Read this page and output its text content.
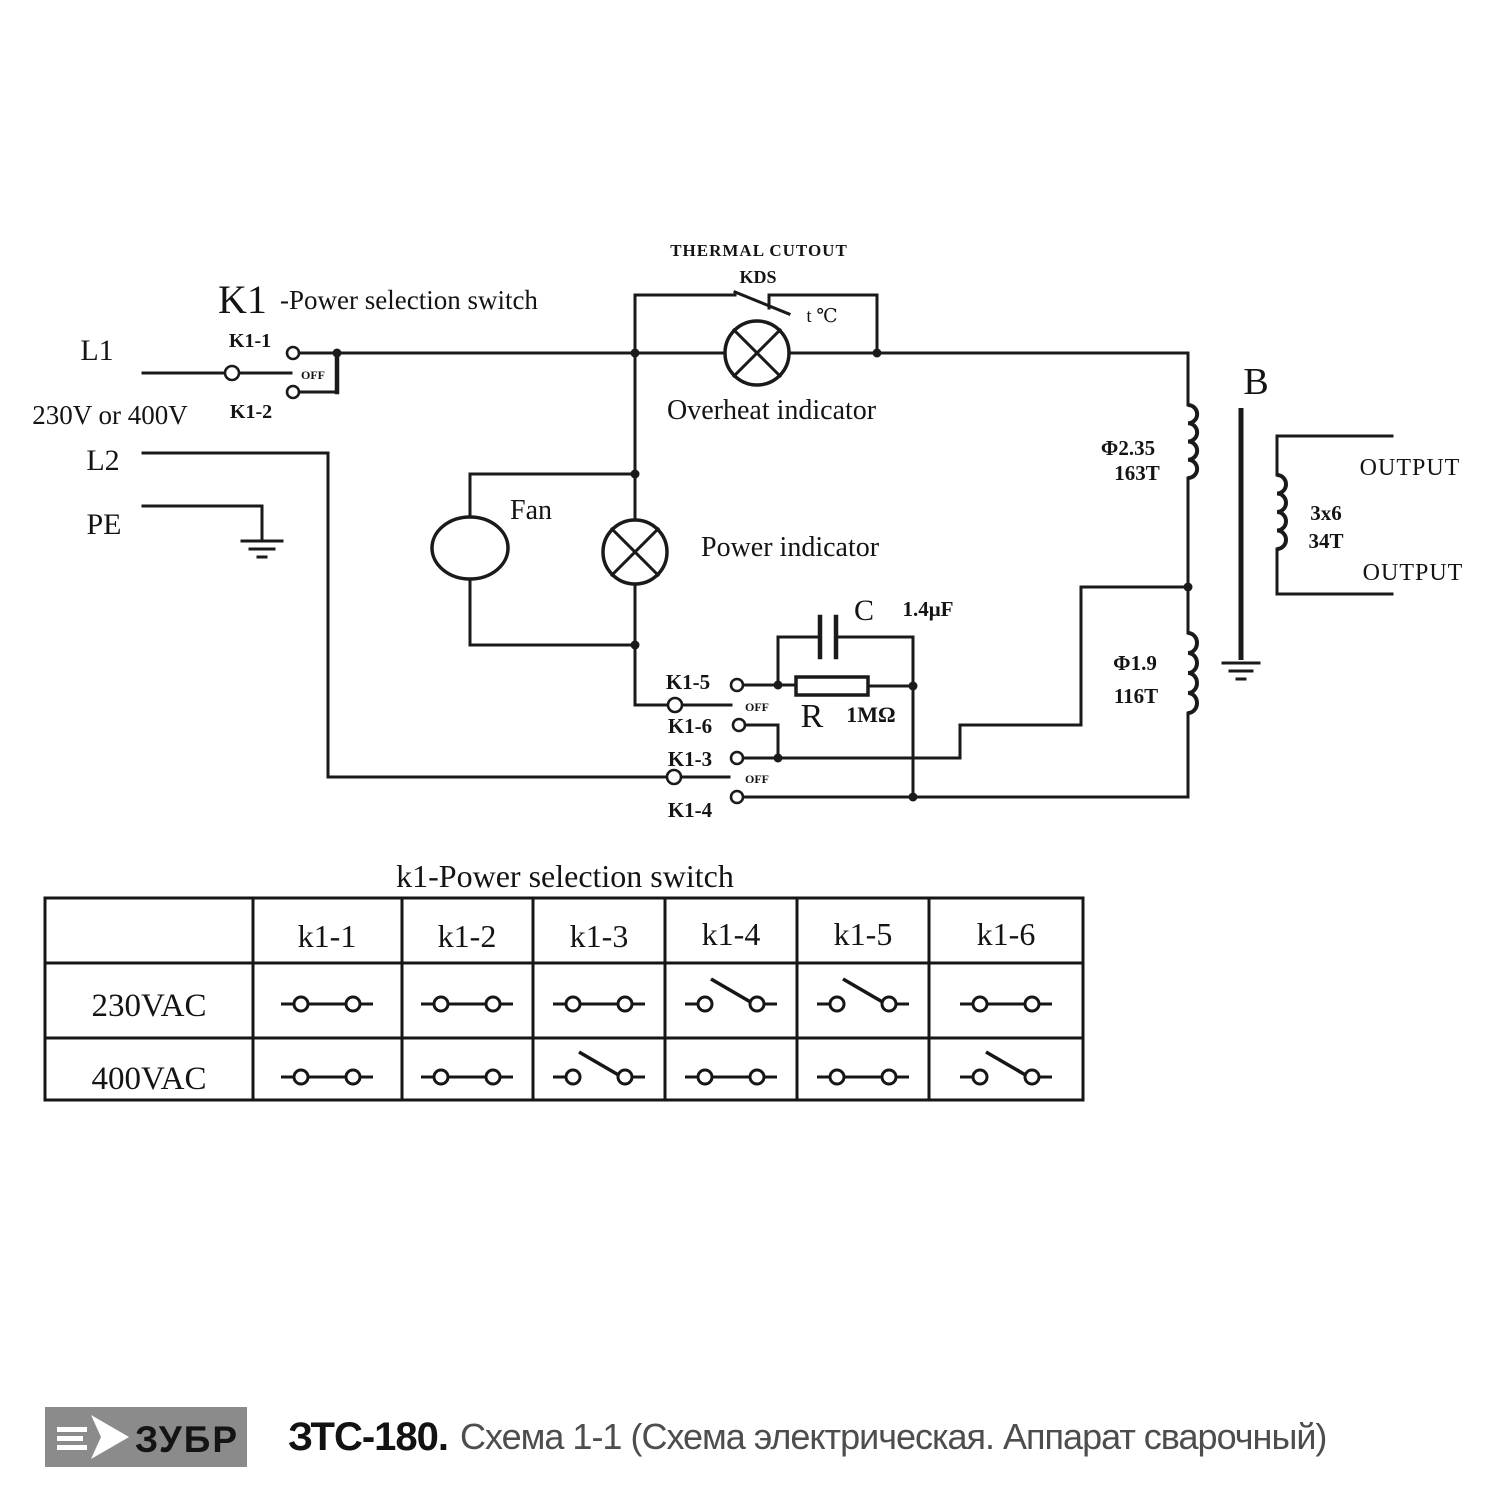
K1 -Power selection switch
THERMAL CUTOUT
KDS
t ℃
L1
230V or 400V
L2
PE
K1-1
K1-2
OFF
Overheat indicator
Fan
Power indicator
K1-5
K1-6
K1-3
K1-4
OFF
OFF
C 1.4μF
R 1MΩ
Φ2.35
163T
Φ1.9
116T
B
3x6
34T
OUTPUT
OUTPUT
k1-Power selection switch
k1-1	k1-2 k1-3 k1-4 k1-5	k1-6
230VAC
400VAC
ЗУБР ЗТС-180. Схема 1-1 (Схема электрическая. Аппарат сварочный)
